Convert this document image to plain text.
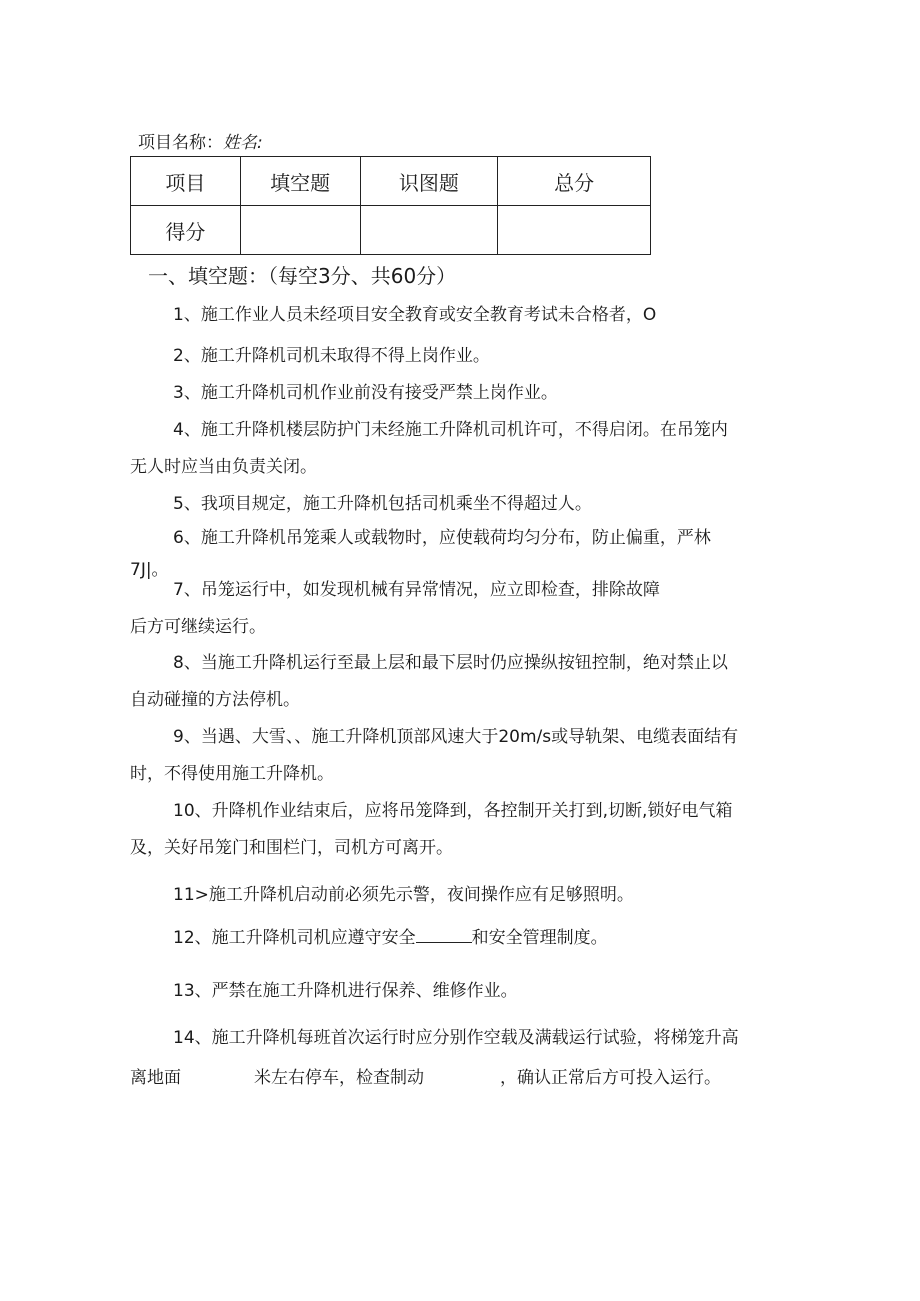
项目名称：姓名:
项目	填空题	识图题	总分
得分			
一、填空题：（每空3分、共60分）
1、施工作业人员未经项目安全教育或安全教育考试未合格者，O
2、施工升降机司机未取得不得上岗作业。
3、施工升降机司机作业前没有接受严禁上岗作业。
4、施工升降机楼层防护门未经施工升降机司机许可，不得启闭。在吊笼内
无人时应当由负责关闭。
5、我项目规定，施工升降机包括司机乘坐不得超过人。
6、施工升降机吊笼乘人或载物时，应使载荷均匀分布，防止偏重，严林
7J|。
7、吊笼运行中，如发现机械有异常情况，应立即检查，排除故障
后方可继续运行。
8、当施工升降机运行至最上层和最下层时仍应操纵按钮控制，绝对禁止以
自动碰撞的方法停机。
9、当遇、大雪、、施工升降机顶部风速大于20m/s或导轨架、电缆表面结有
时，不得使用施工升降机。
10、升降机作业结束后，应将吊笼降到，各控制开关打到,切断,锁好电气箱
及，关好吊笼门和围栏门，司机方可离开。
11>施工升降机启动前必须先示警，夜间操作应有足够照明。
12、施工升降机司机应遵守安全	和安全管理制度。
13、严禁在施工升降机进行保养、维修作业。
14、施工升降机每班首次运行时应分别作空载及满载运行试验，将梯笼升高
离地面	米左右停车，检查制动	，确认正常后方可投入运行。
